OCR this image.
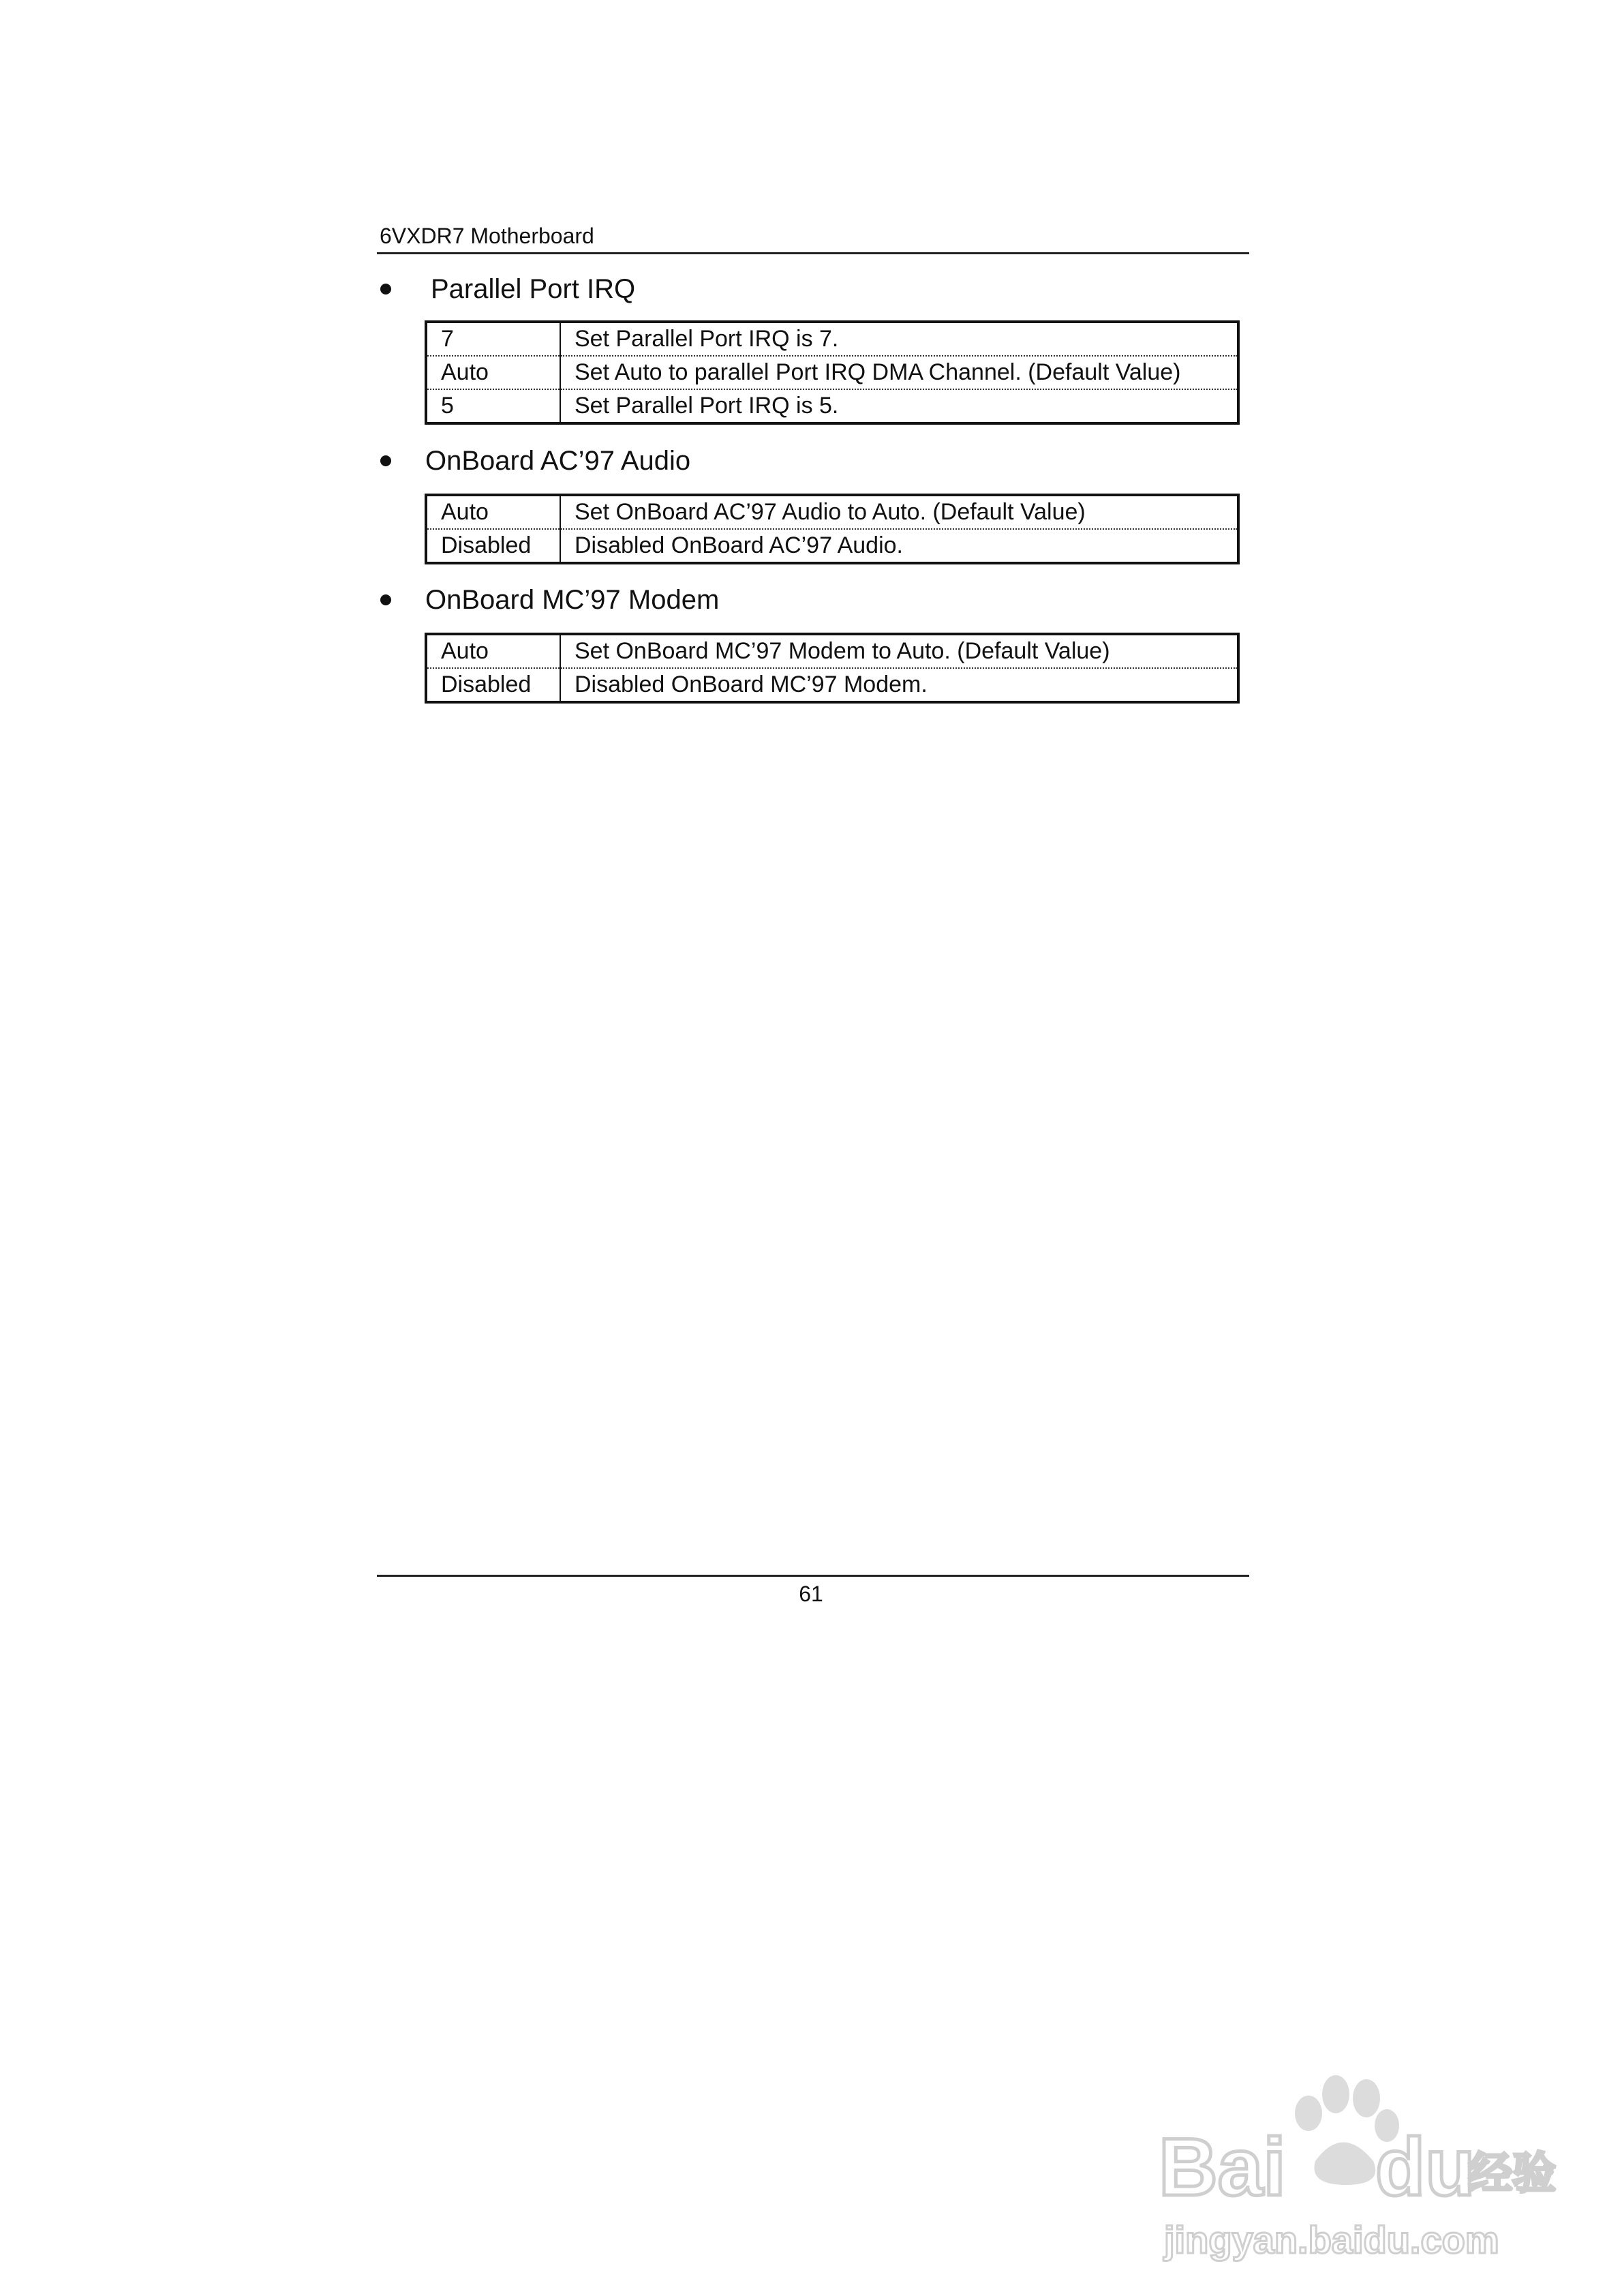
6VXDR7 Motherboard
Parallel Port IRQ
7	Set Parallel Port IRQ is 7.
Auto	Set Auto to parallel Port IRQ DMA Channel. (Default Value)
5	Set Parallel Port IRQ is 5.
OnBoard AC’97 Audio
Auto	Set OnBoard AC’97 Audio to Auto. (Default Value)
Disabled	Disabled OnBoard AC’97 Audio.
OnBoard MC’97 Modem
Auto	Set OnBoard MC’97 Modem to Auto. (Default Value)
Disabled	Disabled OnBoard MC’97 Modem.
61
Bai du
经验
jingyan.baidu.com
